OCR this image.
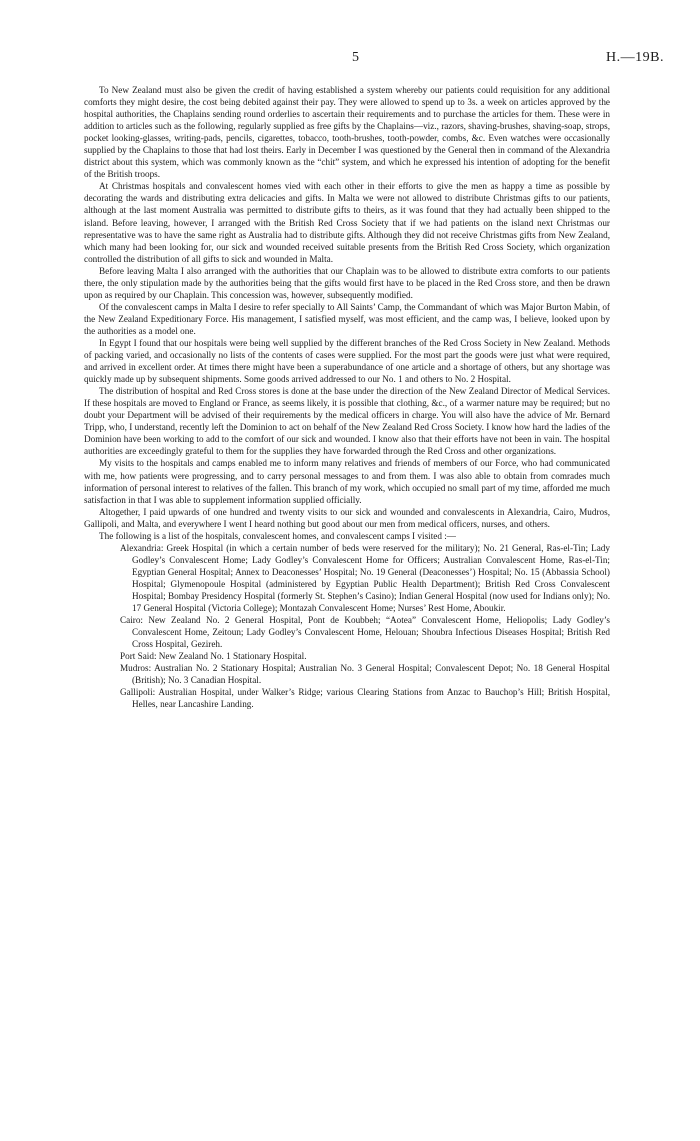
5	H.—19B.

To New Zealand must also be given the credit of having established a system whereby our patients could requisition for any additional comforts they might desire, the cost being debited against their pay. They were allowed to spend up to 3s. a week on articles approved by the hospital authorities, the Chaplains sending round orderlies to ascertain their requirements and to purchase the articles for them. These were in addition to articles such as the following, regularly supplied as free gifts by the Chaplains—viz., razors, shaving-brushes, shaving-soap, strops, pocket looking-glasses, writing-pads, pencils, cigarettes, tobacco, tooth-brushes, tooth-powder, combs, &c. Even watches were occasionally supplied by the Chaplains to those that had lost theirs. Early in December I was questioned by the General then in command of the Alexandria district about this system, which was commonly known as the “chit” system, and which he expressed his intention of adopting for the benefit of the British troops.

At Christmas hospitals and convalescent homes vied with each other in their efforts to give the men as happy a time as possible by decorating the wards and distributing extra delicacies and gifts. In Malta we were not allowed to distribute Christmas gifts to our patients, although at the last moment Australia was permitted to distribute gifts to theirs, as it was found that they had actually been shipped to the island. Before leaving, however, I arranged with the British Red Cross Society that if we had patients on the island next Christmas our representative was to have the same right as Australia had to distribute gifts. Although they did not receive Christmas gifts from New Zealand, which many had been looking for, our sick and wounded received suitable presents from the British Red Cross Society, which organization controlled the distribution of all gifts to sick and wounded in Malta.

Before leaving Malta I also arranged with the authorities that our Chaplain was to be allowed to distribute extra comforts to our patients there, the only stipulation made by the authorities being that the gifts would first have to be placed in the Red Cross store, and then be drawn upon as required by our Chaplain. This concession was, however, subsequently modified.

Of the convalescent camps in Malta I desire to refer specially to All Saints’ Camp, the Commandant of which was Major Burton Mabin, of the New Zealand Expeditionary Force. His management, I satisfied myself, was most efficient, and the camp was, I believe, looked upon by the authorities as a model one.

In Egypt I found that our hospitals were being well supplied by the different branches of the Red Cross Society in New Zealand. Methods of packing varied, and occasionally no lists of the contents of cases were supplied. For the most part the goods were just what were required, and arrived in excellent order. At times there might have been a superabundance of one article and a shortage of others, but any shortage was quickly made up by subsequent shipments. Some goods arrived addressed to our No. 1 and others to No. 2 Hospital.

The distribution of hospital and Red Cross stores is done at the base under the direction of the New Zealand Director of Medical Services. If these hospitals are moved to England or France, as seems likely, it is possible that clothing, &c., of a warmer nature may be required; but no doubt your Department will be advised of their requirements by the medical officers in charge. You will also have the advice of Mr. Bernard Tripp, who, I understand, recently left the Dominion to act on behalf of the New Zealand Red Cross Society. I know how hard the ladies of the Dominion have been working to add to the comfort of our sick and wounded. I know also that their efforts have not been in vain. The hospital authorities are exceedingly grateful to them for the supplies they have forwarded through the Red Cross and other organizations.

My visits to the hospitals and camps enabled me to inform many relatives and friends of members of our Force, who had communicated with me, how patients were progressing, and to carry personal messages to and from them. I was also able to obtain from comrades much information of personal interest to relatives of the fallen. This branch of my work, which occupied no small part of my time, afforded me much satisfaction in that I was able to supplement information supplied officially.

Altogether, I paid upwards of one hundred and twenty visits to our sick and wounded and convalescents in Alexandria, Cairo, Mudros, Gallipoli, and Malta, and everywhere I went I heard nothing but good about our men from medical officers, nurses, and others.

The following is a list of the hospitals, convalescent homes, and convalescent camps I visited :—

Alexandria: Greek Hospital (in which a certain number of beds were reserved for the military); No. 21 General, Ras-el-Tin; Lady Godley’s Convalescent Home; Lady Godley’s Convalescent Home for Officers; Australian Convalescent Home, Ras-el-Tin; Egyptian General Hospital; Annex to Deaconesses’ Hospital; No. 19 General (Deaconesses’) Hospital; No. 15 (Abbassia School) Hospital; Glymenopoule Hospital (administered by Egyptian Public Health Department); British Red Cross Convalescent Hospital; Bombay Presidency Hospital (formerly St. Stephen’s Casino); Indian General Hospital (now used for Indians only); No. 17 General Hospital (Victoria College); Montazah Convalescent Home; Nurses’ Rest Home, Aboukir.

Cairo: New Zealand No. 2 General Hospital, Pont de Koubbeh; “Aotea” Convalescent Home, Heliopolis; Lady Godley’s Convalescent Home, Zeitoun; Lady Godley’s Convalescent Home, Helouan; Shoubra Infectious Diseases Hospital; British Red Cross Hospital, Gezireh.

Port Said: New Zealand No. 1 Stationary Hospital.

Mudros: Australian No. 2 Stationary Hospital; Australian No. 3 General Hospital; Convalescent Depot; No. 18 General Hospital (British); No. 3 Canadian Hospital.

Gallipoli: Australian Hospital, under Walker’s Ridge; various Clearing Stations from Anzac to Bauchop’s Hill; British Hospital, Helles, near Lancashire Landing.
